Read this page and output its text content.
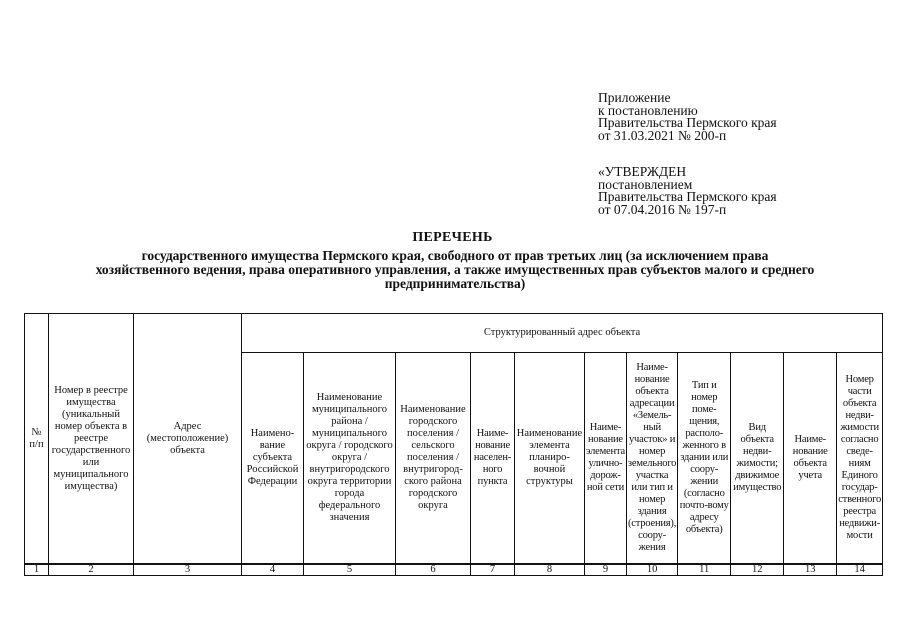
Приложение
к постановлению
Правительства Пермского края
от 31.03.2021 № 200-п
«УТВЕРЖДЕН
постановлением
Правительства Пермского края
от 07.04.2016 № 197-п
ПЕРЕЧЕНЬ
государственного имущества Пермского края, свободного от прав третьих лиц (за исключением права хозяйственного ведения, права оперативного управления, а также имущественных прав субъектов малого и среднего предпринимательства)
№ п/п	Номер в реестре имущества (уникальный номер объекта в реестре государственного или муниципального имущества)	Адрес (местоположение) объекта	Структурированный адрес объекта										
			Наимено-вание субъекта Российской Федерации	Наименование муниципального района / муниципального округа / городского округа / внутригородского округа территории города федерального значения	Наименование городского поселения / сельского поселения / внутригород-ского района городского округа	Наиме-нование населен-ного пункта	Наименование элемента планиро-вочной структуры	Наиме-нование элемента улично-дорож-ной сети	Наиме-нование объекта адресации «Земель-ный участок» и номер земельного участка или тип и номер здания (строения), соору-жения	Тип и номер поме-щения, располо-женного в здании или соору-жении (согласно почто-вому адресу объекта)	Вид объекта недви-жимости; движимое имущество	Наиме-нование объекта учета	Номер части объекта недви-жимости согласно сведе-ниям Единого государ-ственного реестра недвижи-мости
1	2	3	4	5	6	7	8	9	10	11	12	13	14
